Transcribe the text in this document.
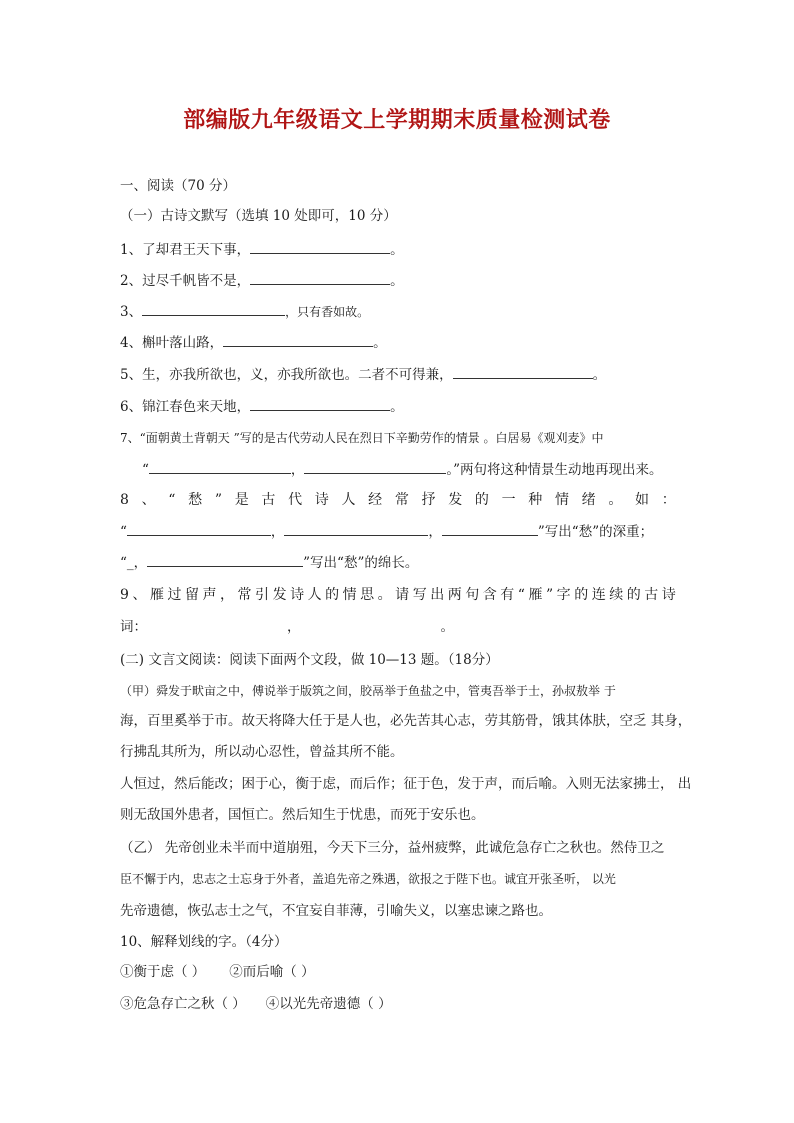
部编版九年级语文上学期期末质量检测试卷
一、阅读（70 分）
（一）古诗文默写（选填 10 处即可，10 分）
1、了却君王天下事，	。
2、过尽千帆皆不是，	。
3、	，只有香如故。
4、槲叶落山路，	。
5、生，亦我所欲也，义，亦我所欲也。二者不可得兼，	。
6、锦江春色来天地，	。
7、“面朝黄土背朝天 ”写的是古代劳动人民在烈日下辛勤劳作的情景 。白居易《观刈麦》中
“	，	。”两句将这种情景生动地再现出来。
8 、 “ 愁 ” 是 古 代 诗 人 经 常 抒 发 的 一 种 情 绪 。 如 ：
“	，	，	”写出“愁”的深重；
“_，	”写出“愁”的绵长。
9 、 雁 过 留 声 ， 常 引 发 诗 人 的 情 思 。 请 写 出 两 句 含 有 “ 雁 ” 字 的 连 续 的 古 诗
词：	，	。
(二) 文言文阅读：阅读下面两个文段，做 10—13 题。（18分）
（甲）舜发于畎亩之中，傅说举于版筑之间，胶鬲举于鱼盐之中，管夷吾举于士，孙叔敖举 于
海，百里奚举于市。故天将降大任于是人也，必先苦其心志，劳其筋骨，饿其体肤，空乏 其身，
行拂乱其所为，所以动心忍性，曾益其所不能。
人恒过，然后能改；困于心，衡于虑，而后作；征于色，发于声，而后喻。入则无法家拂士， 出
则无敌国外患者，国恒亡。然后知生于忧患，而死于安乐也。
（乙） 先帝创业未半而中道崩殂，今天下三分，益州疲弊，此诚危急存亡之秋也。然侍卫之
臣不懈于内，忠志之士忘身于外者，盖追先帝之殊遇，欲报之于陛下也。诚宜开张圣听， 以光
先帝遗德，恢弘志士之气，不宜妄自菲薄，引喻失义，以塞忠谏之路也。
10、解释划线的字。（4分）
①衡于虑（ ） ②而后喻（ ）
③危急存亡之秋（ ） ④以光先帝遗德（ ）
